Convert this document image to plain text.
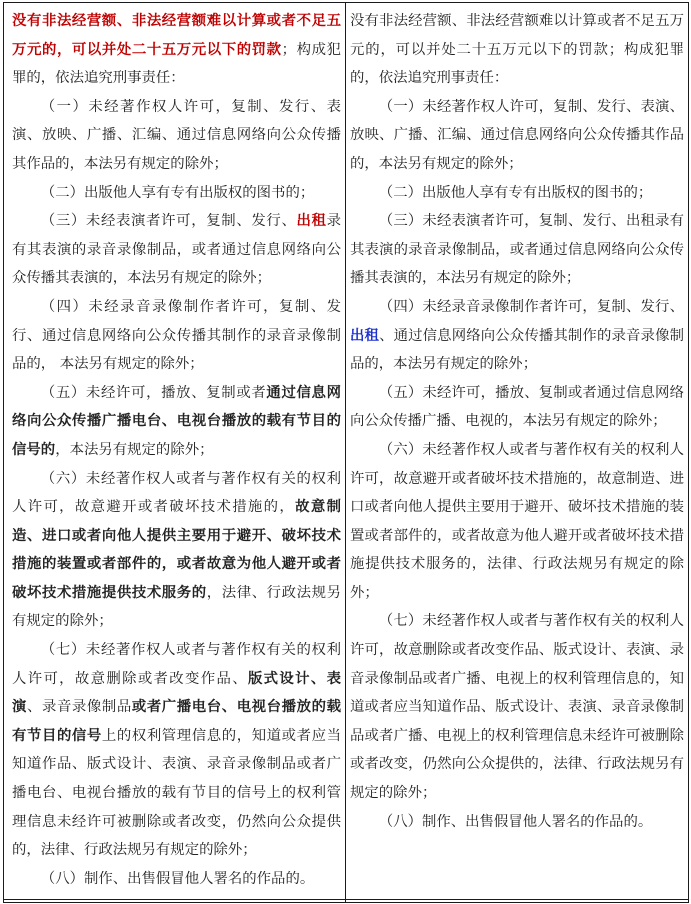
没有非法经营额、非法经营额难以计算或者不足五万元的，可以并处二十五万元以下的罚款；构成犯罪的，依法追究刑事责任：

（一）未经著作权人许可，复制、发行、表演、放映、广播、汇编、通过信息网络向公众传播其作品的，本法另有规定的除外；

（二）出版他人享有专有出版权的图书的；

（三）未经表演者许可，复制、发行、出租录有其表演的录音录像制品，或者通过信息网络向公众传播其表演的，本法另有规定的除外；

（四）未经录音录像制作者许可，复制、发行、通过信息网络向公众传播其制作的录音录像制品的， 本法另有规定的除外；

（五）未经许可，播放、复制或者通过信息网络向公众传播广播电台、电视台播放的载有节目的信号的，本法另有规定的除外；

（六）未经著作权人或者与著作权有关的权利人许可，故意避开或者破坏技术措施的，故意制造、进口或者向他人提供主要用于避开、破坏技术措施的装置或者部件的，或者故意为他人避开或者破坏技术措施提供技术服务的，法律、行政法规另有规定的除外；

（七）未经著作权人或者与著作权有关的权利人许可，故意删除或者改变作品、版式设计、表演、录音录像制品或者广播电台、电视台播放的载有节目的信号上的权利管理信息的，知道或者应当知道作品、版式设计、表演、录音录像制品或者广播电台、电视台播放的载有节目的信号上的权利管理信息未经许可被删除或者改变，仍然向公众提供的，法律、行政法规另有规定的除外；

（八）制作、出售假冒他人署名的作品的。

没有非法经营额、非法经营额难以计算或者不足五万元的，可以并处二十五万元以下的罚款；构成犯罪的，依法追究刑事责任：

（一）未经著作权人许可，复制、发行、表演、放映、广播、汇编、通过信息网络向公众传播其作品的，本法另有规定的除外；

（二）出版他人享有专有出版权的图书的；

（三）未经表演者许可，复制、发行、出租录有其表演的录音录像制品，或者通过信息网络向公众传播其表演的，本法另有规定的除外；

（四）未经录音录像制作者许可，复制、发行、出租、通过信息网络向公众传播其制作的录音录像制品的，本法另有规定的除外；

（五）未经许可，播放、复制或者通过信息网络向公众传播广播、电视的，本法另有规定的除外；

（六）未经著作权人或者与著作权有关的权利人许可，故意避开或者破坏技术措施的，故意制造、进口或者向他人提供主要用于避开、破坏技术措施的装置或者部件的，或者故意为他人避开或者破坏技术措施提供技术服务的，法律、行政法规另有规定的除外；

（七）未经著作权人或者与著作权有关的权利人许可，故意删除或者改变作品、版式设计、表演、录音录像制品或者广播、电视上的权利管理信息的，知道或者应当知道作品、版式设计、表演、录音录像制品或者广播、电视上的权利管理信息未经许可被删除或者改变，仍然向公众提供的，法律、行政法规另有规定的除外；

（八）制作、出售假冒他人署名的作品的。
